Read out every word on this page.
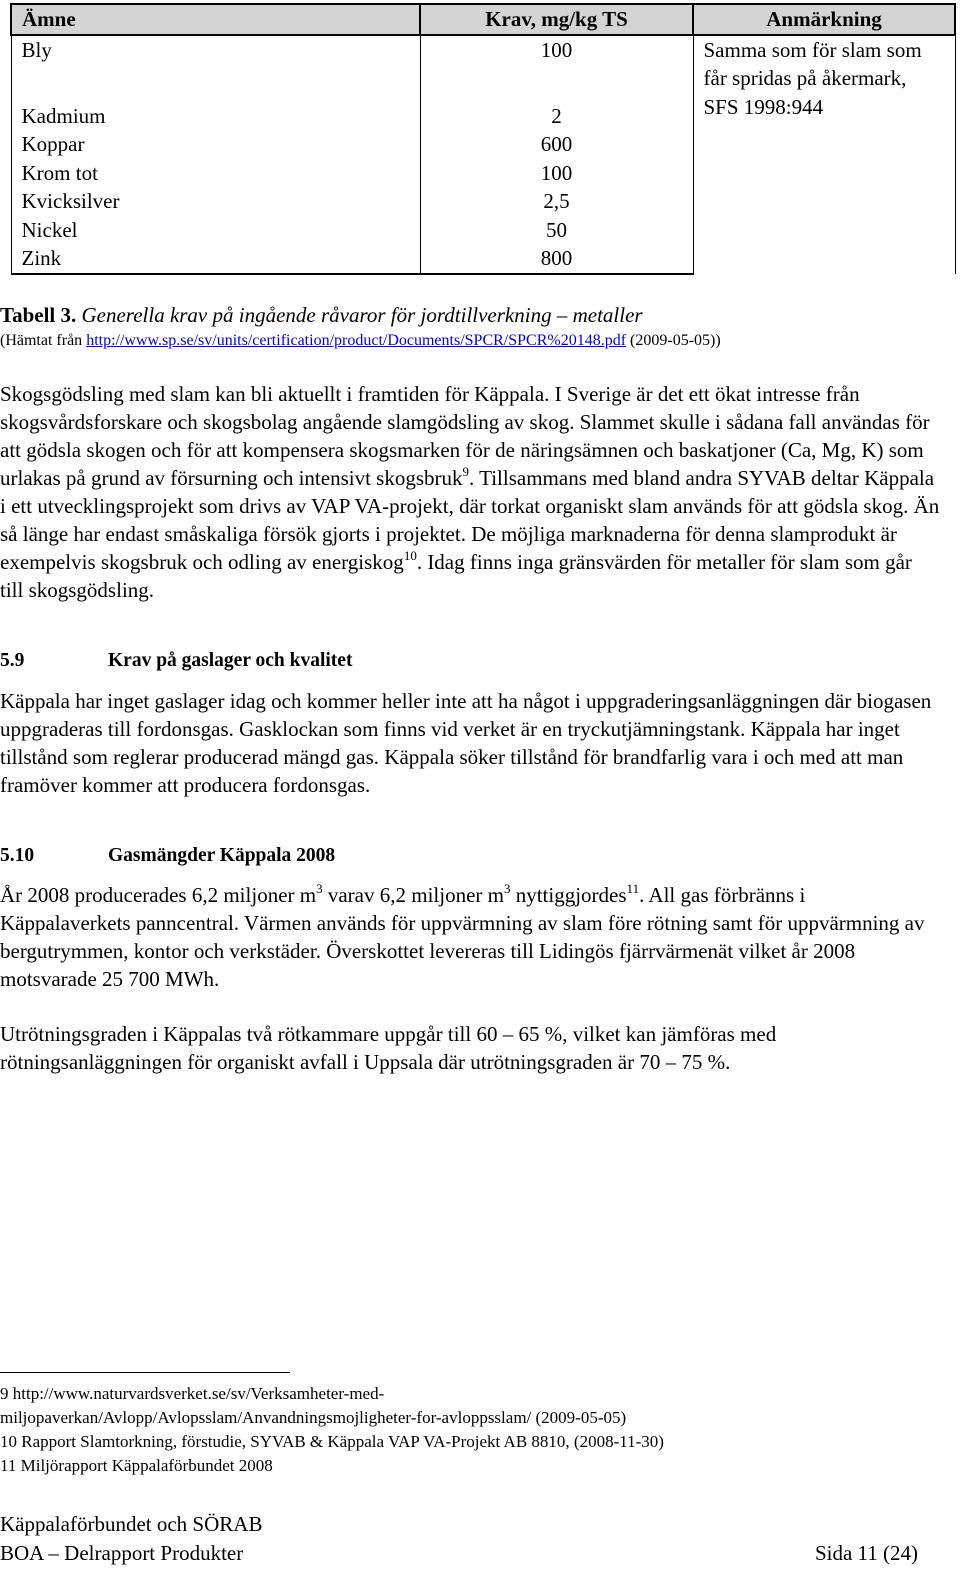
Ämne	Krav, mg/kg TS	Anmärkning
Bly	100	Samma som för slam som
får spridas på åkermark,
SFS 1998:944

Kadmium	2	
Koppar	600	
Krom tot	100	
Kvicksilver	2,5	
Nickel	50	
Zink	800	
Tabell 3. Generella krav på ingående råvaror för jordtillverkning – metaller
(Hämtat från http://www.sp.se/sv/units/certification/product/Documents/SPCR/SPCR%20148.pdf (2009-05-05))

Skogsgödsling med slam kan bli aktuellt i framtiden för Käppala. I Sverige är det ett ökat intresse från skogsvårdsforskare och skogsbolag angående slamgödsling av skog. Slammet skulle i sådana fall användas för att gödsla skogen och för att kompensera skogsmarken för de näringsämnen och baskatjoner (Ca, Mg, K) som urlakas på grund av försurning och intensivt skogsbruk$^9$. Tillsammans med bland andra SYVAB deltar Käppala i ett utvecklingsprojekt som drivs av VAP VA-projekt, där torkat organiskt slam används för att gödsla skog. Än så länge har endast småskaliga försök gjorts i projektet. De möjliga marknaderna för denna slamprodukt är exempelvis skogsbruk och odling av energiskog$^{10}$. Idag finns inga gränsvärden för metaller för slam som går till skogsgödsling.

5.9	Krav på gaslager och kvalitet

Käppala har inget gaslager idag och kommer heller inte att ha något i uppgraderingsanläggningen där biogasen uppgraderas till fordonsgas. Gasklockan som finns vid verket är en tryckutjämningstank. Käppala har inget tillstånd som reglerar producerad mängd gas. Käppala söker tillstånd för brandfarlig vara i och med att man framöver kommer att producera fordonsgas.

5.10	Gasmängder Käppala 2008

År 2008 producerades 6,2 miljoner $m^3$ varav 6,2 miljoner $m^3$ nyttiggjordes$^{11}$. All gas förbränns i Käppalaverkets panncentral. Värmen används för uppvärmning av slam före rötning samt för uppvärmning av bergutrymmen, kontor och verkstäder. Överskottet levereras till Lidingös fjärrvärmenät vilket år 2008 motsvarade 25 700 MWh.

Utrötningsgraden i Käppalas två rötkammare uppgår till 60 – 65 %, vilket kan jämföras med rötningsanläggningen för organiskt avfall i Uppsala där utrötningsgraden är 70 – 75 %.

9 http://www.naturvardsverket.se/sv/Verksamheter-med-
miljopaverkan/Avlopp/Avlopsslam/Anvandningsmojligheter-for-avloppsslam/ (2009-05-05)
10 Rapport Slamtorkning, förstudie, SYVAB & Käppala VAP VA-Projekt AB 8810, (2008-11-30)
11 Miljörapport Käppalaförbundet 2008
Käppalaförbundet och SÖRAB
BOA – Delrapport Produkter	Sida 11 (24)
